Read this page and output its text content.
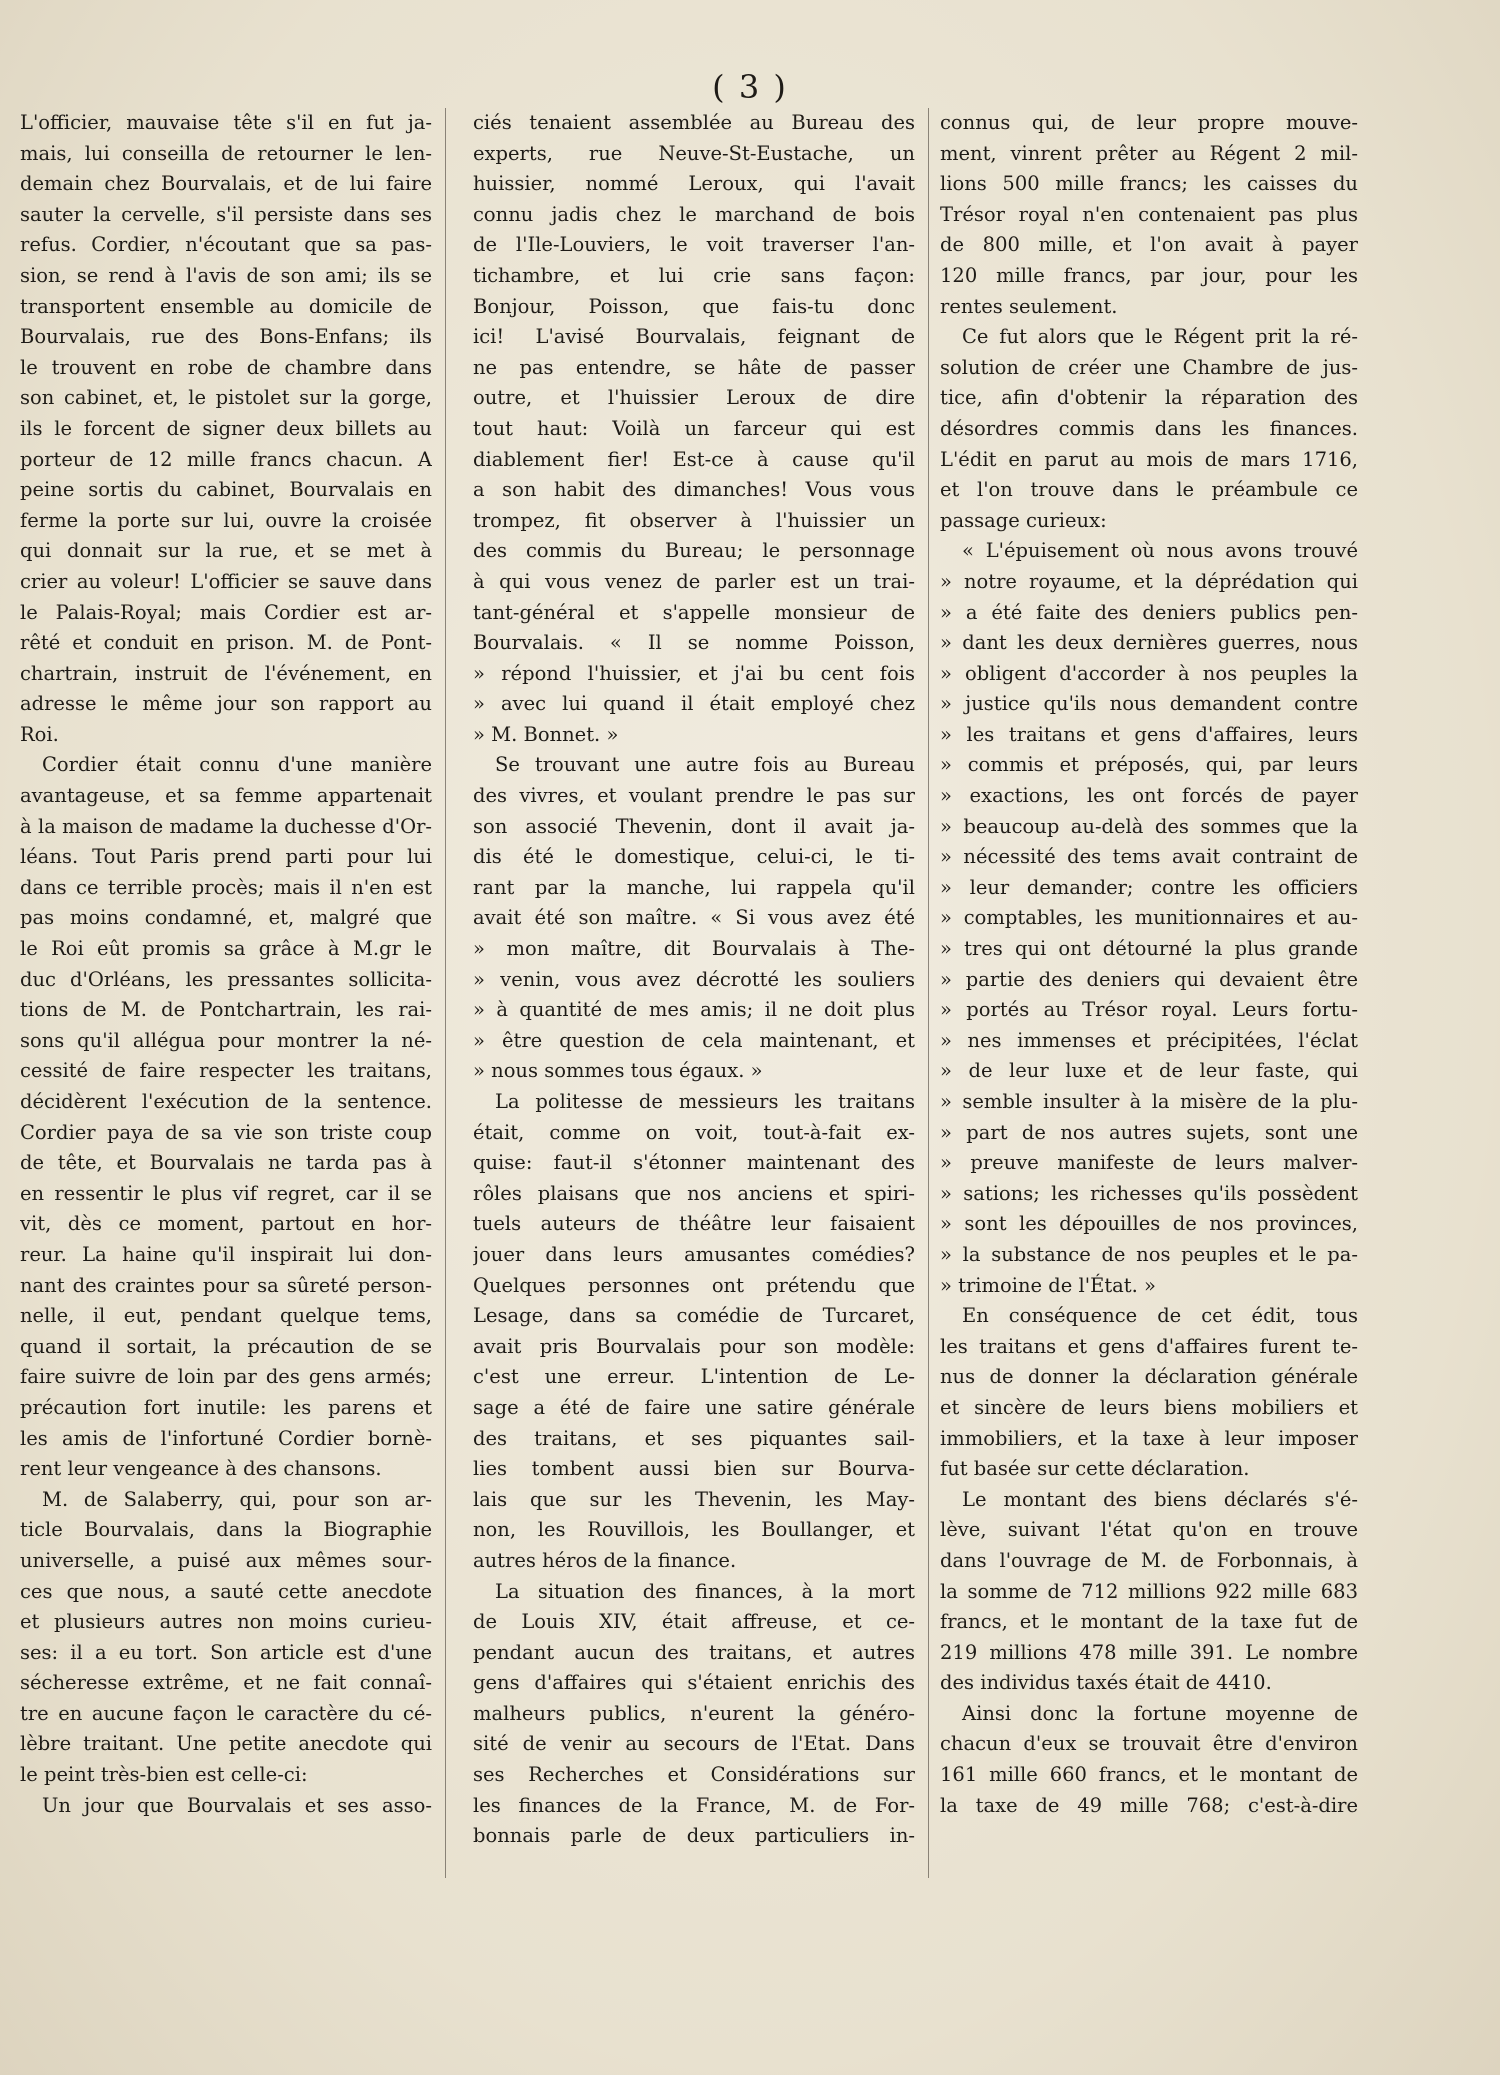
( 3 )
L'officier, mauvaise tête s'il en fut ja-
mais, lui conseilla de retourner le len-
demain chez Bourvalais, et de lui faire
sauter la cervelle, s'il persiste dans ses
refus. Cordier, n'écoutant que sa pas-
sion, se rend à l'avis de son ami; ils se
transportent ensemble au domicile de
Bourvalais, rue des Bons-Enfans; ils
le trouvent en robe de chambre dans
son cabinet, et, le pistolet sur la gorge,
ils le forcent de signer deux billets au
porteur de 12 mille francs chacun. A
peine sortis du cabinet, Bourvalais en
ferme la porte sur lui, ouvre la croisée
qui donnait sur la rue, et se met à
crier au voleur! L'officier se sauve dans
le Palais-Royal; mais Cordier est ar-
rêté et conduit en prison. M. de Pont-
chartrain, instruit de l'événement, en
adresse le même jour son rapport au
Roi.
Cordier était connu d'une manière
avantageuse, et sa femme appartenait
à la maison de madame la duchesse d'Or-
léans. Tout Paris prend parti pour lui
dans ce terrible procès; mais il n'en est
pas moins condamné, et, malgré que
le Roi eût promis sa grâce à M.gr le
duc d'Orléans, les pressantes sollicita-
tions de M. de Pontchartrain, les rai-
sons qu'il allégua pour montrer la né-
cessité de faire respecter les traitans,
décidèrent l'exécution de la sentence.
Cordier paya de sa vie son triste coup
de tête, et Bourvalais ne tarda pas à
en ressentir le plus vif regret, car il se
vit, dès ce moment, partout en hor-
reur. La haine qu'il inspirait lui don-
nant des craintes pour sa sûreté person-
nelle, il eut, pendant quelque tems,
quand il sortait, la précaution de se
faire suivre de loin par des gens armés;
précaution fort inutile: les parens et
les amis de l'infortuné Cordier bornè-
rent leur vengeance à des chansons.
M. de Salaberry, qui, pour son ar-
ticle Bourvalais, dans la Biographie
universelle, a puisé aux mêmes sour-
ces que nous, a sauté cette anecdote
et plusieurs autres non moins curieu-
ses: il a eu tort. Son article est d'une
sécheresse extrême, et ne fait connaî-
tre en aucune façon le caractère du cé-
lèbre traitant. Une petite anecdote qui
le peint très-bien est celle-ci:
Un jour que Bourvalais et ses asso-
ciés tenaient assemblée au Bureau des
experts, rue Neuve-St-Eustache, un
huissier, nommé Leroux, qui l'avait
connu jadis chez le marchand de bois
de l'Ile-Louviers, le voit traverser l'an-
tichambre, et lui crie sans façon:
Bonjour, Poisson, que fais-tu donc
ici! L'avisé Bourvalais, feignant de
ne pas entendre, se hâte de passer
outre, et l'huissier Leroux de dire
tout haut: Voilà un farceur qui est
diablement fier! Est-ce à cause qu'il
a son habit des dimanches! Vous vous
trompez, fit observer à l'huissier un
des commis du Bureau; le personnage
à qui vous venez de parler est un trai-
tant-général et s'appelle monsieur de
Bourvalais. « Il se nomme Poisson,
» répond l'huissier, et j'ai bu cent fois
» avec lui quand il était employé chez
» M. Bonnet. »
Se trouvant une autre fois au Bureau
des vivres, et voulant prendre le pas sur
son associé Thevenin, dont il avait ja-
dis été le domestique, celui-ci, le ti-
rant par la manche, lui rappela qu'il
avait été son maître. « Si vous avez été
» mon maître, dit Bourvalais à The-
» venin, vous avez décrotté les souliers
» à quantité de mes amis; il ne doit plus
» être question de cela maintenant, et
» nous sommes tous égaux. »
La politesse de messieurs les traitans
était, comme on voit, tout-à-fait ex-
quise: faut-il s'étonner maintenant des
rôles plaisans que nos anciens et spiri-
tuels auteurs de théâtre leur faisaient
jouer dans leurs amusantes comédies?
Quelques personnes ont prétendu que
Lesage, dans sa comédie de Turcaret,
avait pris Bourvalais pour son modèle:
c'est une erreur. L'intention de Le-
sage a été de faire une satire générale
des traitans, et ses piquantes sail-
lies tombent aussi bien sur Bourva-
lais que sur les Thevenin, les May-
non, les Rouvillois, les Boullanger, et
autres héros de la finance.
La situation des finances, à la mort
de Louis XIV, était affreuse, et ce-
pendant aucun des traitans, et autres
gens d'affaires qui s'étaient enrichis des
malheurs publics, n'eurent la généro-
sité de venir au secours de l'Etat. Dans
ses Recherches et Considérations sur
les finances de la France, M. de For-
bonnais parle de deux particuliers in-
connus qui, de leur propre mouve-
ment, vinrent prêter au Régent 2 mil-
lions 500 mille francs; les caisses du
Trésor royal n'en contenaient pas plus
de 800 mille, et l'on avait à payer
120 mille francs, par jour, pour les
rentes seulement.
Ce fut alors que le Régent prit la ré-
solution de créer une Chambre de jus-
tice, afin d'obtenir la réparation des
désordres commis dans les finances.
L'édit en parut au mois de mars 1716,
et l'on trouve dans le préambule ce
passage curieux:
« L'épuisement où nous avons trouvé
» notre royaume, et la déprédation qui
» a été faite des deniers publics pen-
» dant les deux dernières guerres, nous
» obligent d'accorder à nos peuples la
» justice qu'ils nous demandent contre
» les traitans et gens d'affaires, leurs
» commis et préposés, qui, par leurs
» exactions, les ont forcés de payer
» beaucoup au-delà des sommes que la
» nécessité des tems avait contraint de
» leur demander; contre les officiers
» comptables, les munitionnaires et au-
» tres qui ont détourné la plus grande
» partie des deniers qui devaient être
» portés au Trésor royal. Leurs fortu-
» nes immenses et précipitées, l'éclat
» de leur luxe et de leur faste, qui
» semble insulter à la misère de la plu-
» part de nos autres sujets, sont une
» preuve manifeste de leurs malver-
» sations; les richesses qu'ils possèdent
» sont les dépouilles de nos provinces,
» la substance de nos peuples et le pa-
» trimoine de l'État. »
En conséquence de cet édit, tous
les traitans et gens d'affaires furent te-
nus de donner la déclaration générale
et sincère de leurs biens mobiliers et
immobiliers, et la taxe à leur imposer
fut basée sur cette déclaration.
Le montant des biens déclarés s'é-
lève, suivant l'état qu'on en trouve
dans l'ouvrage de M. de Forbonnais, à
la somme de 712 millions 922 mille 683
francs, et le montant de la taxe fut de
219 millions 478 mille 391. Le nombre
des individus taxés était de 4410.
Ainsi donc la fortune moyenne de
chacun d'eux se trouvait être d'environ
161 mille 660 francs, et le montant de
la taxe de 49 mille 768; c'est-à-dire
